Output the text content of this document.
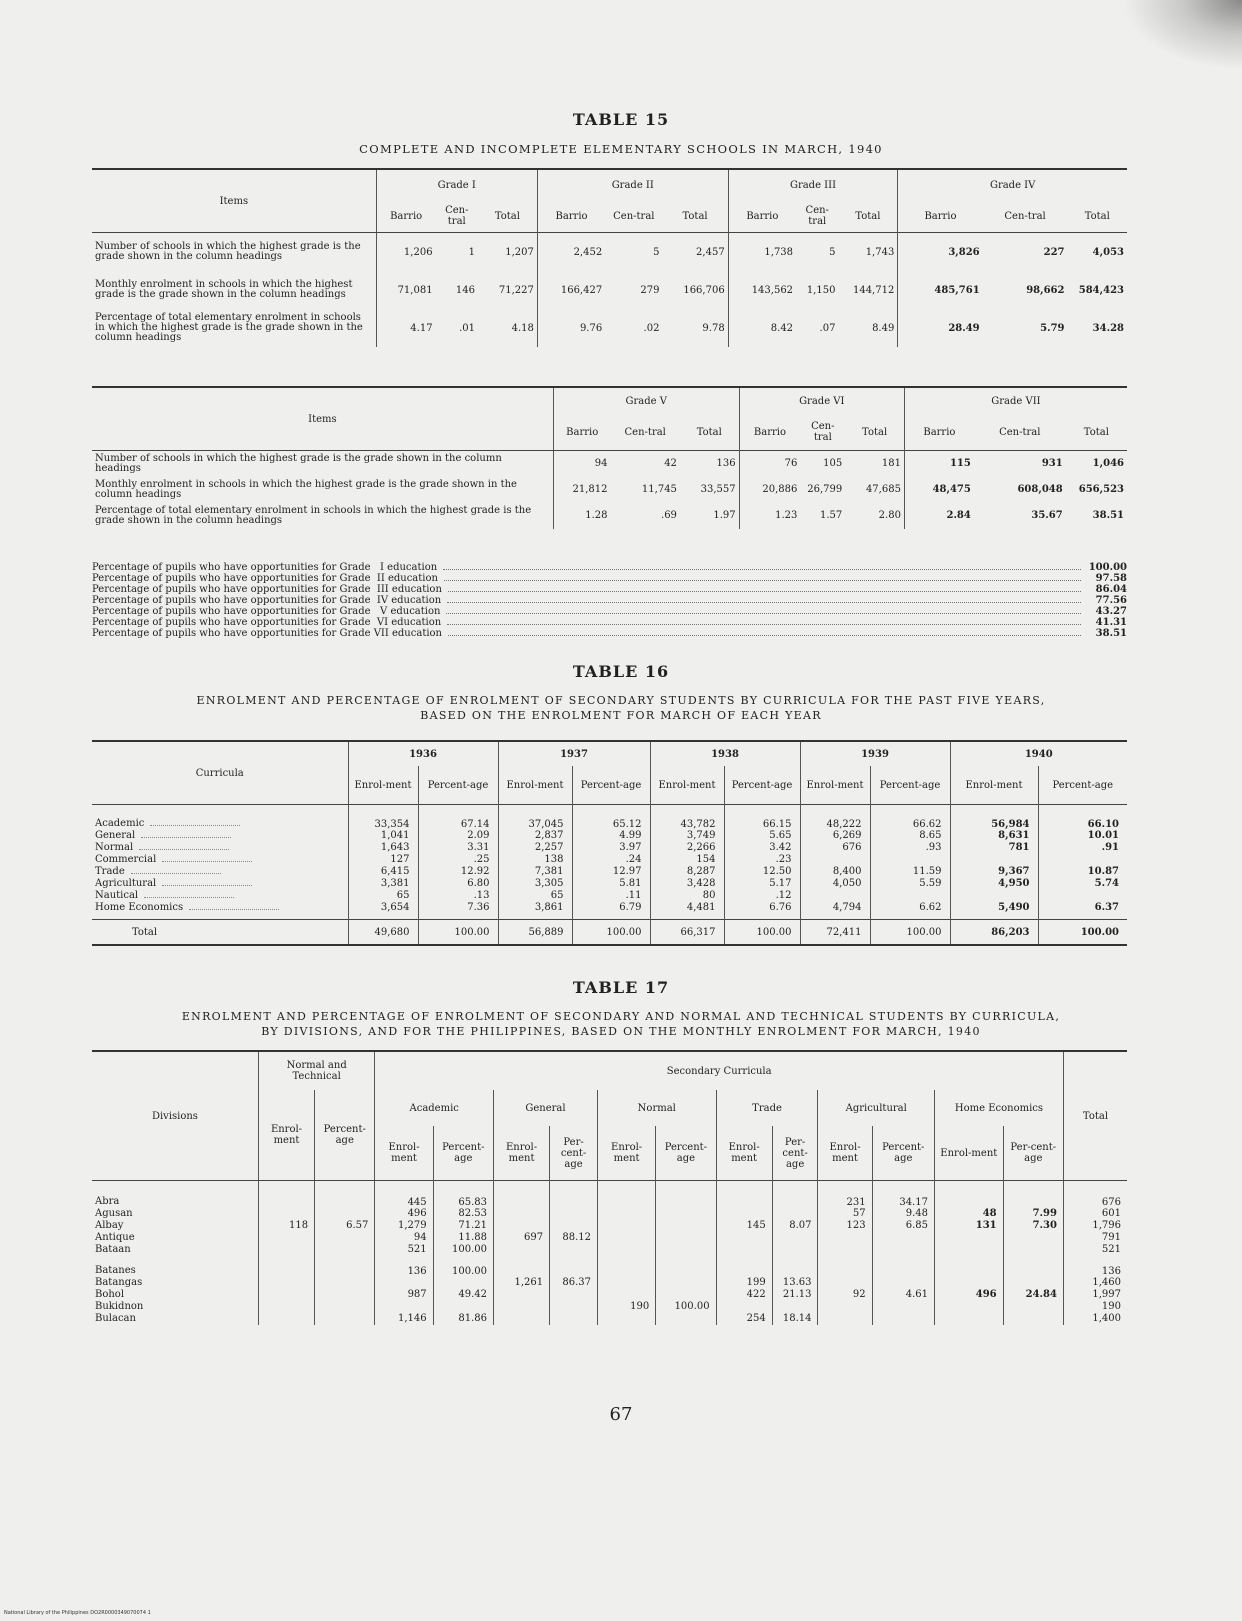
TABLE 15
COMPLETE AND INCOMPLETE ELEMENTARY SCHOOLS IN MARCH, 1940
Items	Grade I			Grade II			Grade III			Grade IV		
	Barrio	Cen-tral	Total	Barrio	Cen-tral	Total	Barrio	Cen-tral	Total	Barrio	Cen-tral	Total
Number of schools in which the highest grade is the grade shown in the column headings	1,206	1	1,207	2,452	5	2,457	1,738	5	1,743	3,826	227	4,053
Monthly enrolment in schools in which the highest grade is the grade shown in the column headings	71,081	146	71,227	166,427	279	166,706	143,562	1,150	144,712	485,761	98,662	584,423
Percentage of total elementary enrolment in schools in which the highest grade is the grade shown in the column headings	4.17	.01	4.18	9.76	.02	9.78	8.42	.07	8.49	28.49	5.79	34.28
Items	Grade V			Grade VI			Grade VII		
	Barrio	Cen-tral	Total	Barrio	Cen-tral	Total	Barrio	Cen-tral	Total
Number of schools in which the highest grade is the grade shown in the column headings	94	42	136	76	105	181	115	931	1,046
Monthly enrolment in schools in which the highest grade is the grade shown in the column headings	21,812	11,745	33,557	20,886	26,799	47,685	48,475	608,048	656,523
Percentage of total elementary enrolment in schools in which the highest grade is the grade shown in the column headings	1.28	.69	1.97	1.23	1.57	2.80	2.84	35.67	38.51
Percentage of pupils who have opportunities for Grade   I education	100.00
Percentage of pupils who have opportunities for Grade  II education	97.58
Percentage of pupils who have opportunities for Grade  III education	86.04
Percentage of pupils who have opportunities for Grade  IV education	77.56
Percentage of pupils who have opportunities for Grade   V education	43.27
Percentage of pupils who have opportunities for Grade  VI education	41.31
Percentage of pupils who have opportunities for Grade VII education	38.51
TABLE 16
ENROLMENT AND PERCENTAGE OF ENROLMENT OF SECONDARY STUDENTS BY CURRICULA FOR THE PAST FIVE YEARS,
BASED ON THE ENROLMENT FOR MARCH OF EACH YEAR
Curricula	1936		1937		1938		1939		1940	
	Enrol-ment	Percent-age	Enrol-ment	Percent-age	Enrol-ment	Percent-age	Enrol-ment	Percent-age	Enrol-ment	Percent-age
Academic	33,354	67.14	37,045	65.12	43,782	66.15	48,222	66.62	56,984	66.10
General	1,041	2.09	2,837	4.99	3,749	5.65	6,269	8.65	8,631	10.01
Normal	1,643	3.31	2,257	3.97	2,266	3.42	676	.93	781	.91
Commercial	127	.25	138	.24	154	.23				
Trade	6,415	12.92	7,381	12.97	8,287	12.50	8,400	11.59	9,367	10.87
Agricultural	3,381	6.80	3,305	5.81	3,428	5.17	4,050	5.59	4,950	5.74
Nautical	65	.13	65	.11	80	.12				
Home Economics	3,654	7.36	3,861	6.79	4,481	6.76	4,794	6.62	5,490	6.37
Total	49,680	100.00	56,889	100.00	66,317	100.00	72,411	100.00	86,203	100.00
TABLE 17
ENROLMENT AND PERCENTAGE OF ENROLMENT OF SECONDARY AND NORMAL AND TECHNICAL STUDENTS BY CURRICULA,
BY DIVISIONS, AND FOR THE PHILIPPINES, BASED ON THE MONTHLY ENROLMENT FOR MARCH, 1940
Divisions	Normal and Technical		Secondary Curricula												Total
	Enrol-ment	Percent-age	Academic		General		Normal		Trade		Agricultural		Home Economics		
			Enrol-ment	Percent-age	Enrol-ment	Per-cent-age	Enrol-ment	Percent-age	Enrol-ment	Per-cent-age	Enrol-ment	Percent-age	Enrol-ment	Per-cent-age	
Abra			445	65.83							231	34.17			676
Agusan			496	82.53							57	9.48	48	7.99	601
Albay	118	6.57	1,279	71.21					145	8.07	123	6.85	131	7.30	1,796
Antique			94	11.88	697	88.12									791
Bataan			521	100.00											521
Batanes			136	100.00											136
Batangas					1,261	86.37			199	13.63					1,460
Bohol			987	49.42					422	21.13	92	4.61	496	24.84	1,997
Bukidnon							190	100.00							190
Bulacan			1,146	81.86					254	18.14					1,400
67
National Library of the Philippines DO2R0000349070074 1
